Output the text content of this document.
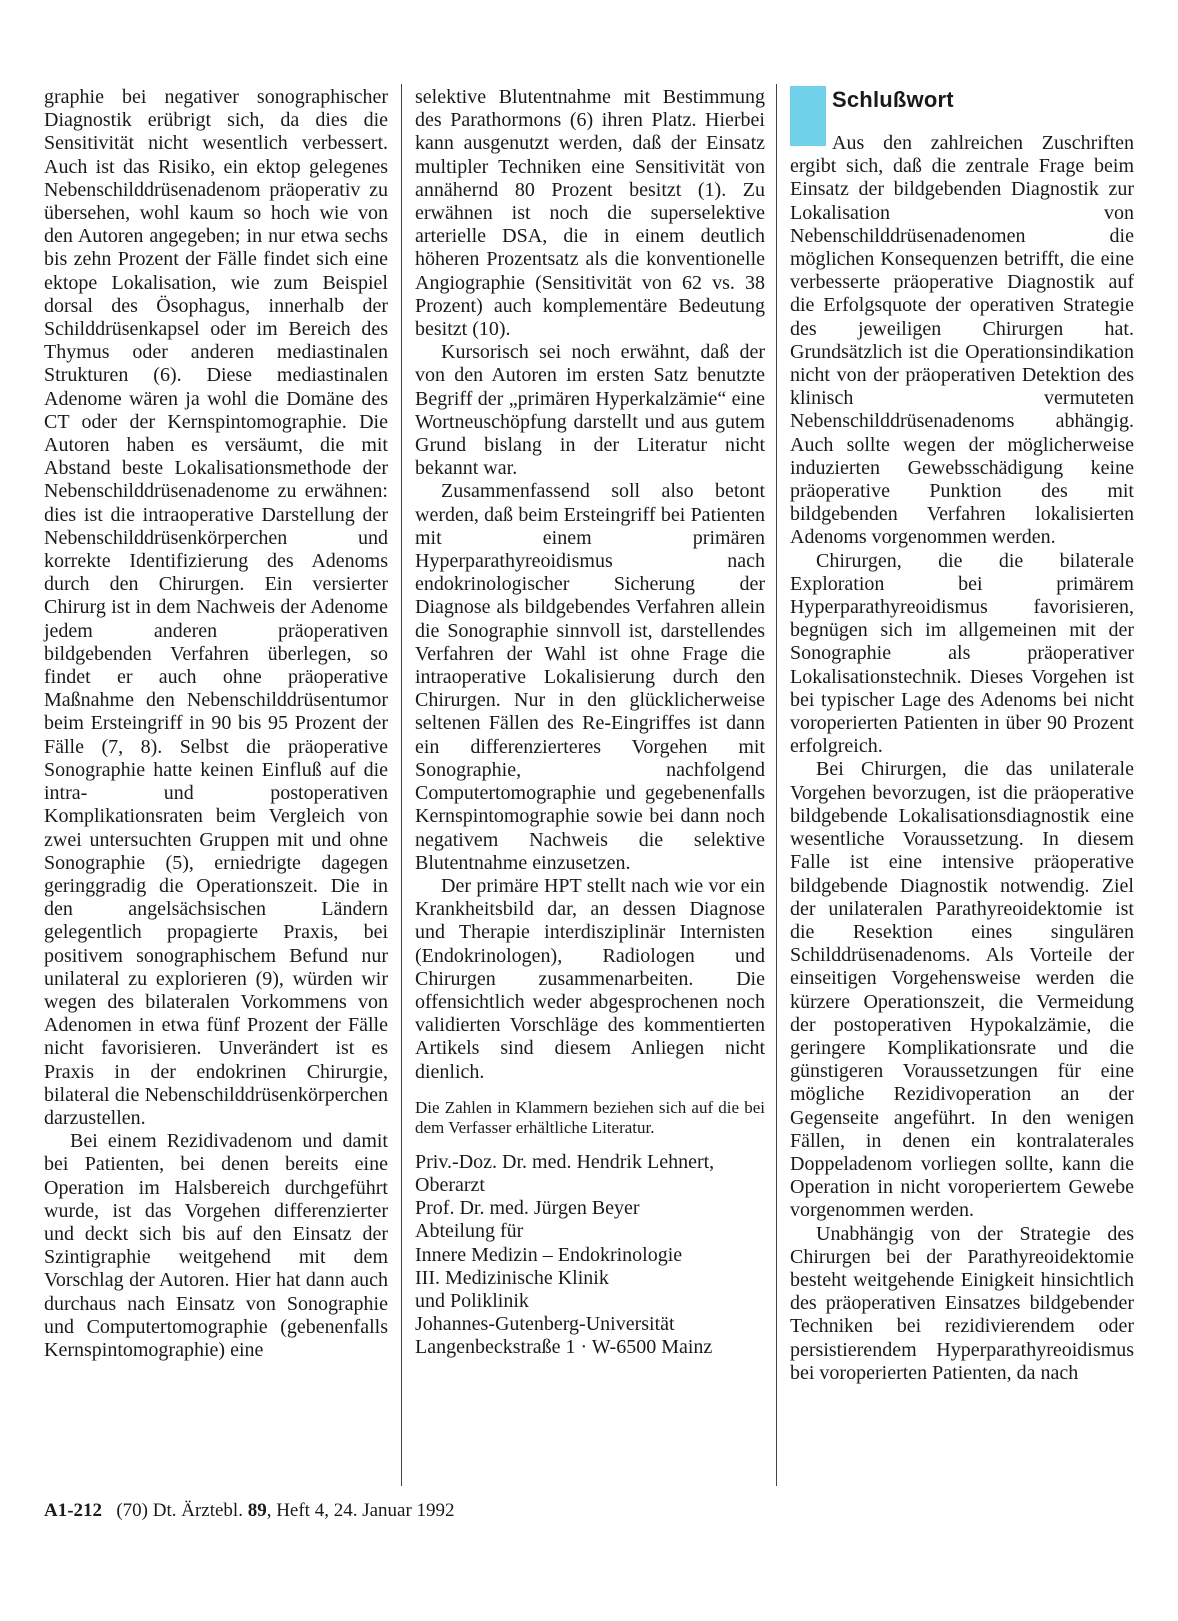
graphie bei negativer sonographischer Diagnostik erübrigt sich, da dies die Sensitivität nicht wesentlich verbessert. Auch ist das Risiko, ein ektop gelegenes Nebenschilddrüsenadenom präoperativ zu übersehen, wohl kaum so hoch wie von den Autoren angegeben; in nur etwa sechs bis zehn Prozent der Fälle findet sich eine ektope Lokalisation, wie zum Beispiel dorsal des Ösophagus, innerhalb der Schilddrüsenkapsel oder im Bereich des Thymus oder anderen mediastinalen Strukturen (6). Diese mediastinalen Adenome wären ja wohl die Domäne des CT oder der Kernspintomographie. Die Autoren haben es versäumt, die mit Abstand beste Lokalisationsmethode der Nebenschilddrüsenadenome zu erwähnen: dies ist die intraoperative Darstellung der Nebenschilddrüsenkörperchen und korrekte Identifizierung des Adenoms durch den Chirurgen. Ein versierter Chirurg ist in dem Nachweis der Adenome jedem anderen präoperativen bildgebenden Verfahren überlegen, so findet er auch ohne präoperative Maßnahme den Nebenschilddrüsentumor beim Ersteingriff in 90 bis 95 Prozent der Fälle (7, 8). Selbst die präoperative Sonographie hatte keinen Einfluß auf die intra- und postoperativen Komplikationsraten beim Vergleich von zwei untersuchten Gruppen mit und ohne Sonographie (5), erniedrigte dagegen geringgradig die Operationszeit. Die in den angelsächsischen Ländern gelegentlich propagierte Praxis, bei positivem sonographischem Befund nur unilateral zu explorieren (9), würden wir wegen des bilateralen Vorkommens von Adenomen in etwa fünf Prozent der Fälle nicht favorisieren. Unverändert ist es Praxis in der endokrinen Chirurgie, bilateral die Nebenschilddrüsenkörperchen darzustellen.

Bei einem Rezidivadenom und damit bei Patienten, bei denen bereits eine Operation im Halsbereich durchgeführt wurde, ist das Vorgehen differenzierter und deckt sich bis auf den Einsatz der Szintigraphie weitgehend mit dem Vorschlag der Autoren. Hier hat dann auch durchaus nach Einsatz von Sonographie und Computertomographie (gebenenfalls Kernspintomographie) eine

selektive Blutentnahme mit Bestimmung des Parathormons (6) ihren Platz. Hierbei kann ausgenutzt werden, daß der Einsatz multipler Techniken eine Sensitivität von annähernd 80 Prozent besitzt (1). Zu erwähnen ist noch die superselektive arterielle DSA, die in einem deutlich höheren Prozentsatz als die konventionelle Angiographie (Sensitivität von 62 vs. 38 Prozent) auch komplementäre Bedeutung besitzt (10).

Kursorisch sei noch erwähnt, daß der von den Autoren im ersten Satz benutzte Begriff der „primären Hyperkalzämie“ eine Wortneuschöpfung darstellt und aus gutem Grund bislang in der Literatur nicht bekannt war.

Zusammenfassend soll also betont werden, daß beim Ersteingriff bei Patienten mit einem primären Hyperparathyreoidismus nach endokrinologischer Sicherung der Diagnose als bildgebendes Verfahren allein die Sonographie sinnvoll ist, darstellendes Verfahren der Wahl ist ohne Frage die intraoperative Lokalisierung durch den Chirurgen. Nur in den glücklicherweise seltenen Fällen des Re-Eingriffes ist dann ein differenzierteres Vorgehen mit Sonographie, nachfolgend Computertomographie und gegebenenfalls Kernspintomographie sowie bei dann noch negativem Nachweis die selektive Blutentnahme einzusetzen.

Der primäre HPT stellt nach wie vor ein Krankheitsbild dar, an dessen Diagnose und Therapie interdisziplinär Internisten (Endokrinologen), Radiologen und Chirurgen zusammenarbeiten. Die offensichtlich weder abgesprochenen noch validierten Vorschläge des kommentierten Artikels sind diesem Anliegen nicht dienlich.

Die Zahlen in Klammern beziehen sich auf die bei dem Verfasser erhältliche Literatur.

Priv.-Doz. Dr. med. Hendrik Lehnert,
Oberarzt
Prof. Dr. med. Jürgen Beyer
Abteilung für
Innere Medizin – Endokrinologie
III. Medizinische Klinik
und Poliklinik
Johannes-Gutenberg-Universität
Langenbeckstraße 1 · W-6500 Mainz
Schlußwort

Aus den zahlreichen Zuschriften ergibt sich, daß die zentrale Frage beim Einsatz der bildgebenden Diagnostik zur Lokalisation von Nebenschilddrüsenadenomen die möglichen Konsequenzen betrifft, die eine verbesserte präoperative Diagnostik auf die Erfolgsquote der operativen Strategie des jeweiligen Chirurgen hat. Grundsätzlich ist die Operationsindikation nicht von der präoperativen Detektion des klinisch vermuteten Nebenschilddrüsenadenoms abhängig. Auch sollte wegen der möglicherweise induzierten Gewebsschädigung keine präoperative Punktion des mit bildgebenden Verfahren lokalisierten Adenoms vorgenommen werden.

Chirurgen, die die bilaterale Exploration bei primärem Hyperparathyreoidismus favorisieren, begnügen sich im allgemeinen mit der Sonographie als präoperativer Lokalisationstechnik. Dieses Vorgehen ist bei typischer Lage des Adenoms bei nicht voroperierten Patienten in über 90 Prozent erfolgreich.

Bei Chirurgen, die das unilaterale Vorgehen bevorzugen, ist die präoperative bildgebende Lokalisationsdiagnostik eine wesentliche Voraussetzung. In diesem Falle ist eine intensive präoperative bildgebende Diagnostik notwendig. Ziel der unilateralen Parathyreoidektomie ist die Resektion eines singulären Schilddrüsenadenoms. Als Vorteile der einseitigen Vorgehensweise werden die kürzere Operationszeit, die Vermeidung der postoperativen Hypokalzämie, die geringere Komplikationsrate und die günstigeren Voraussetzungen für eine mögliche Rezidivoperation an der Gegenseite angeführt. In den wenigen Fällen, in denen ein kontralaterales Doppeladenom vorliegen sollte, kann die Operation in nicht voroperiertem Gewebe vorgenommen werden.

Unabhängig von der Strategie des Chirurgen bei der Parathyreoidektomie besteht weitgehende Einigkeit hinsichtlich des präoperativen Einsatzes bildgebender Techniken bei rezidivierendem oder persistierendem Hyperparathyreoidismus bei voroperierten Patienten, da nach

A1-212 (70) Dt. Ärztebl. 89, Heft 4, 24. Januar 1992
